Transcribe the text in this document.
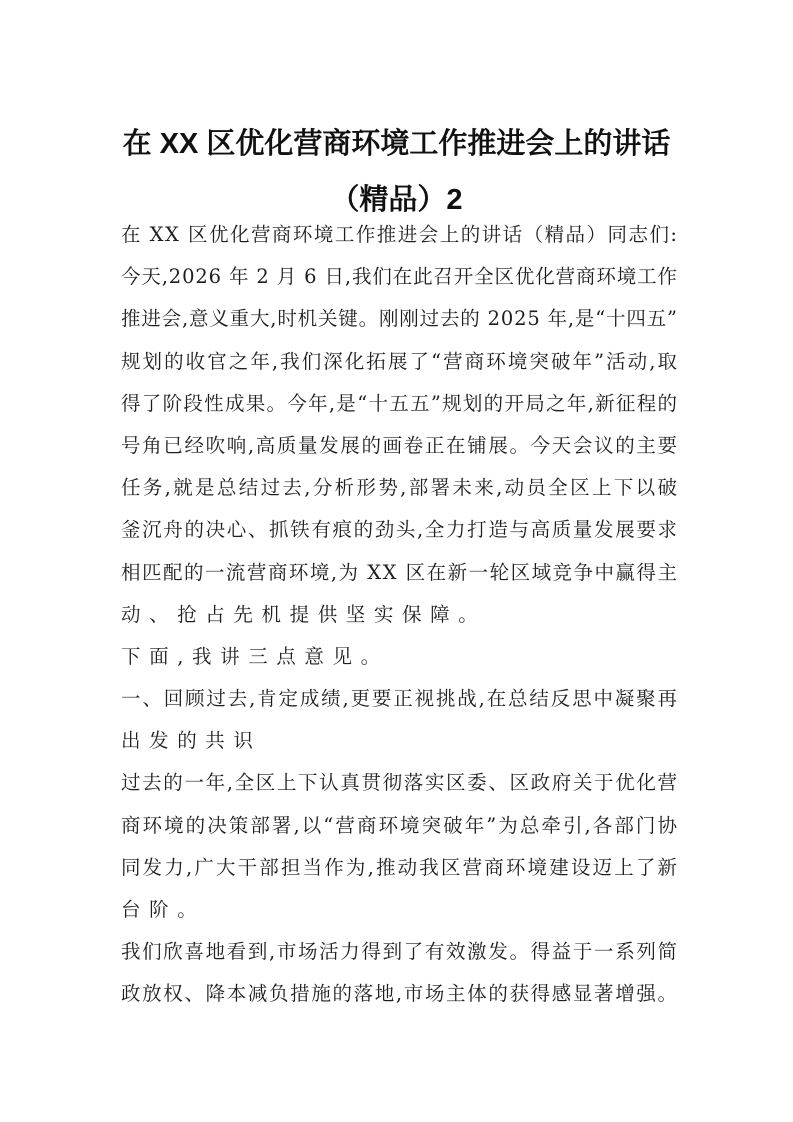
在 XX 区优化营商环境工作推进会上的讲话
（精品）2
在 XX 区优化营商环境工作推进会上的讲话（精品）同志们:
今天,2026 年 2 月 6 日,我们在此召开全区优化营商环境工作
推进会,意义重大,时机关键。刚刚过去的 2025 年,是“十四五”
规划的收官之年,我们深化拓展了“营商环境突破年”活动,取
得了阶段性成果。今年,是“十五五”规划的开局之年,新征程的
号角已经吹响,高质量发展的画卷正在铺展。今天会议的主要
任务,就是总结过去,分析形势,部署未来,动员全区上下以破
釜沉舟的决心、抓铁有痕的劲头,全力打造与高质量发展要求
相匹配的一流营商环境,为 XX 区在新一轮区域竞争中赢得主
动、抢占先机提供坚实保障。
下面,我讲三点意见。
一、回顾过去,肯定成绩,更要正视挑战,在总结反思中凝聚再
出发的共识
过去的一年,全区上下认真贯彻落实区委、区政府关于优化营
商环境的决策部署,以“营商环境突破年”为总牵引,各部门协
同发力,广大干部担当作为,推动我区营商环境建设迈上了新
台阶。
我们欣喜地看到,市场活力得到了有效激发。得益于一系列简
政放权、降本减负措施的落地,市场主体的获得感显著增强。
